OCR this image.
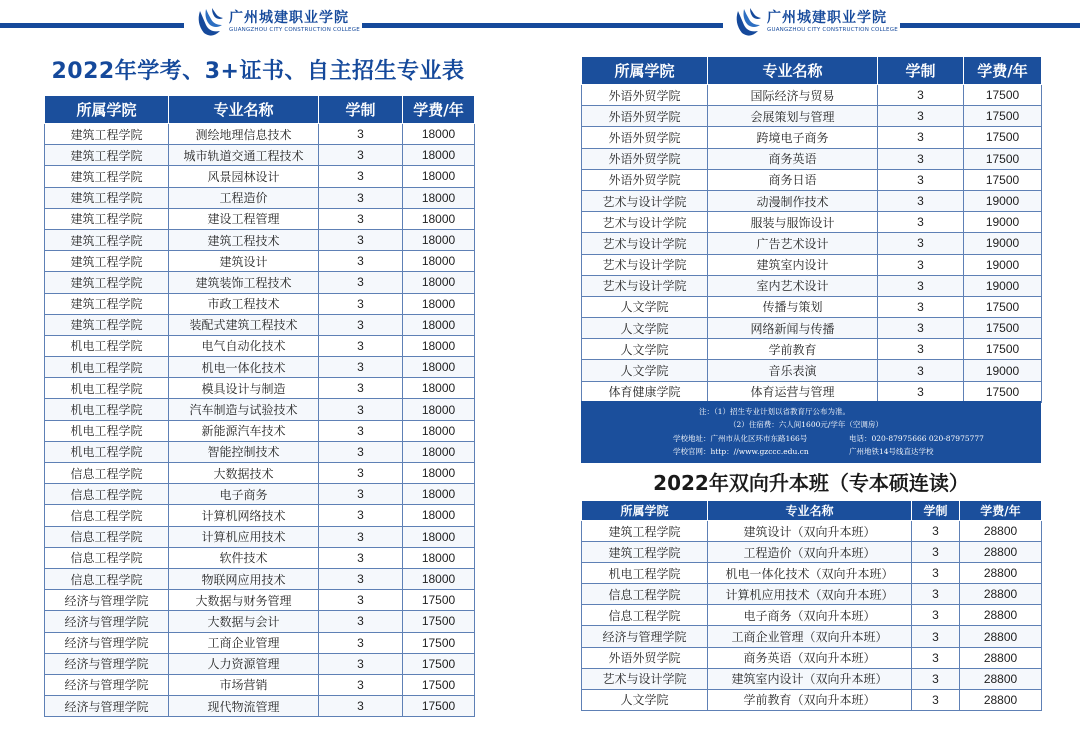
广州城建职业学院
GUANGZHOU CITY CONSTRUCTION COLLEGE
广州城建职业学院
GUANGZHOU CITY CONSTRUCTION COLLEGE
2022年学考、3+证书、自主招生专业表
所属学院	专业名称	学制	学费/年
建筑工程学院	测绘地理信息技术	3	18000
建筑工程学院	城市轨道交通工程技术	3	18000
建筑工程学院	风景园林设计	3	18000
建筑工程学院	工程造价	3	18000
建筑工程学院	建设工程管理	3	18000
建筑工程学院	建筑工程技术	3	18000
建筑工程学院	建筑设计	3	18000
建筑工程学院	建筑装饰工程技术	3	18000
建筑工程学院	市政工程技术	3	18000
建筑工程学院	装配式建筑工程技术	3	18000
机电工程学院	电气自动化技术	3	18000
机电工程学院	机电一体化技术	3	18000
机电工程学院	模具设计与制造	3	18000
机电工程学院	汽车制造与试验技术	3	18000
机电工程学院	新能源汽车技术	3	18000
机电工程学院	智能控制技术	3	18000
信息工程学院	大数据技术	3	18000
信息工程学院	电子商务	3	18000
信息工程学院	计算机网络技术	3	18000
信息工程学院	计算机应用技术	3	18000
信息工程学院	软件技术	3	18000
信息工程学院	物联网应用技术	3	18000
经济与管理学院	大数据与财务管理	3	17500
经济与管理学院	大数据与会计	3	17500
经济与管理学院	工商企业管理	3	17500
经济与管理学院	人力资源管理	3	17500
经济与管理学院	市场营销	3	17500
经济与管理学院	现代物流管理	3	17500
所属学院	专业名称	学制	学费/年
外语外贸学院	国际经济与贸易	3	17500
外语外贸学院	会展策划与管理	3	17500
外语外贸学院	跨境电子商务	3	17500
外语外贸学院	商务英语	3	17500
外语外贸学院	商务日语	3	17500
艺术与设计学院	动漫制作技术	3	19000
艺术与设计学院	服装与服饰设计	3	19000
艺术与设计学院	广告艺术设计	3	19000
艺术与设计学院	建筑室内设计	3	19000
艺术与设计学院	室内艺术设计	3	19000
人文学院	传播与策划	3	17500
人文学院	网络新闻与传播	3	17500
人文学院	学前教育	3	17500
人文学院	音乐表演	3	19000
体育健康学院	体育运营与管理	3	17500
注：（1）招生专业计划以省教育厅公布为准。
（2）住宿费：六人间1600元/学年（空调房）
学校地址：广州市从化区环市东路166号	电话：020-87975666 020-87975777
学校官网：http：//www.gzccc.edu.cn	广州地铁14号线直达学校
2022年双向升本班（专本硕连读）
所属学院	专业名称	学制	学费/年
建筑工程学院	建筑设计（双向升本班）	3	28800
建筑工程学院	工程造价（双向升本班）	3	28800
机电工程学院	机电一体化技术（双向升本班）	3	28800
信息工程学院	计算机应用技术（双向升本班）	3	28800
信息工程学院	电子商务（双向升本班）	3	28800
经济与管理学院	工商企业管理（双向升本班）	3	28800
外语外贸学院	商务英语（双向升本班）	3	28800
艺术与设计学院	建筑室内设计（双向升本班）	3	28800
人文学院	学前教育（双向升本班）	3	28800
